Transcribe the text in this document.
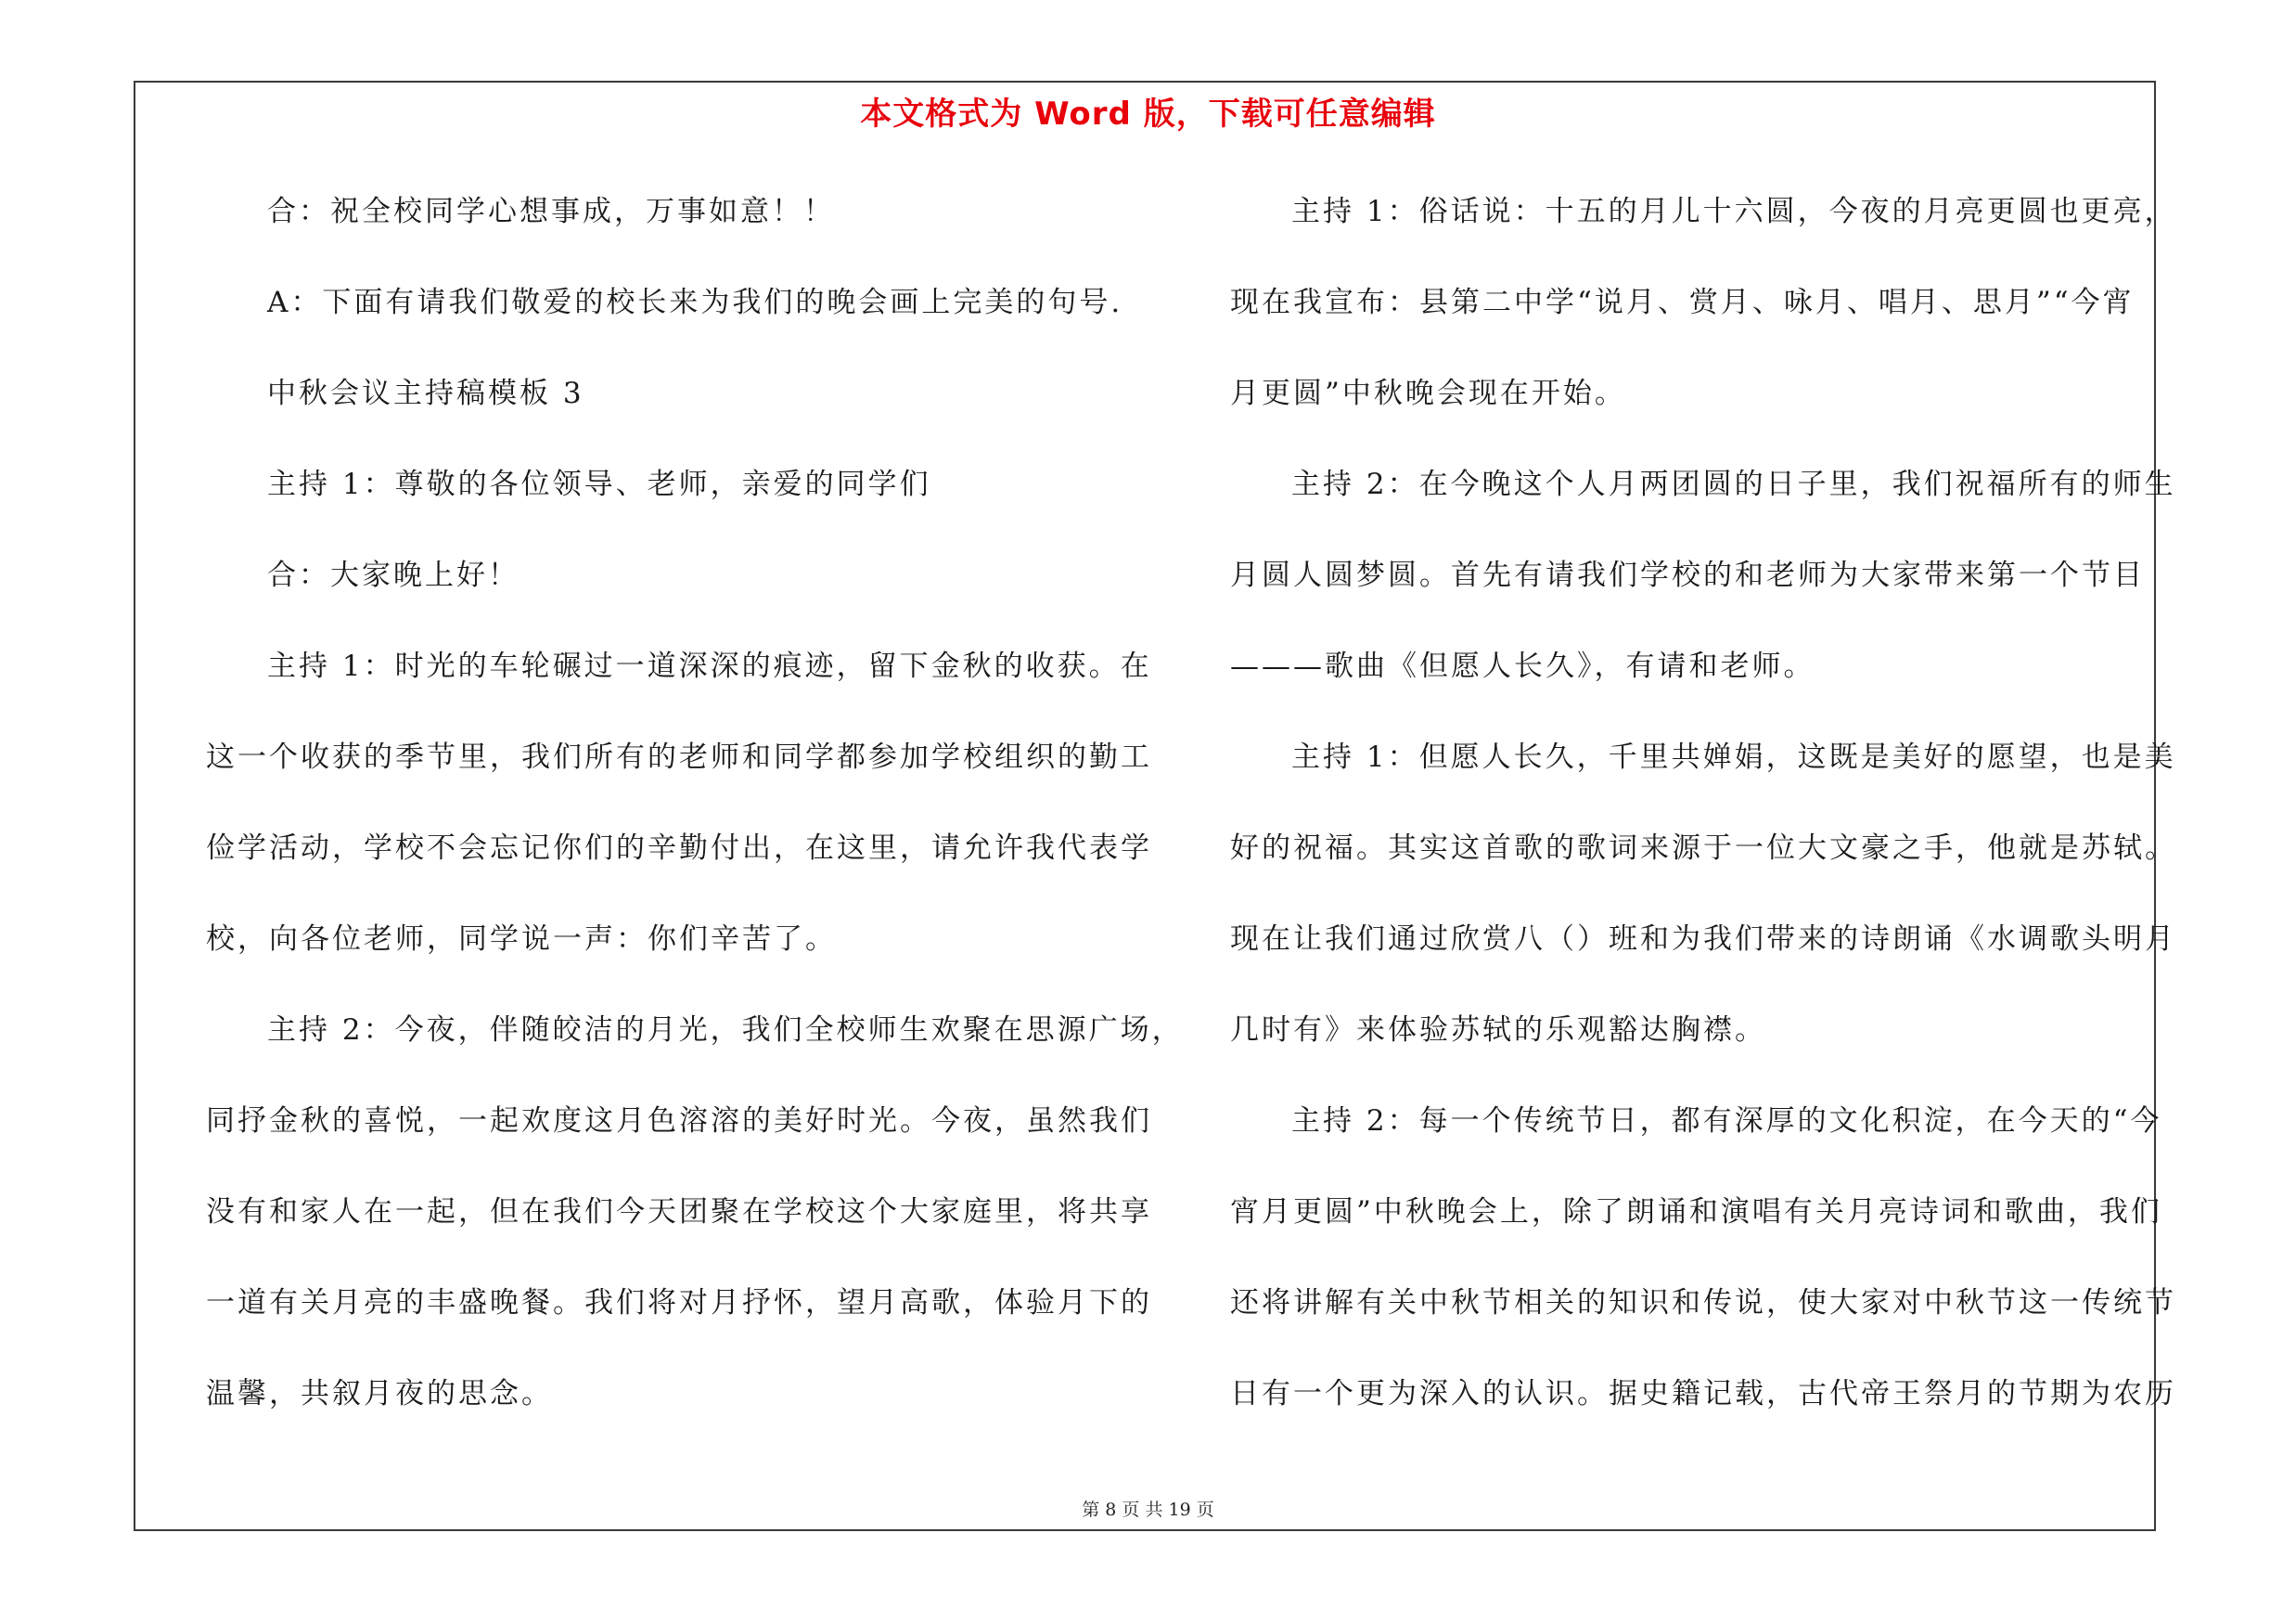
本文格式为 Word 版，下载可任意编辑
合：祝全校同学心想事成，万事如意！！
A：下面有请我们敬爱的校长来为我们的晚会画上完美的句号.
中秋会议主持稿模板 3
主持 1：尊敬的各位领导、老师，亲爱的同学们
合：大家晚上好！
主持 1：时光的车轮碾过一道深深的痕迹，留下金秋的收获。在
这一个收获的季节里，我们所有的老师和同学都参加学校组织的勤工
俭学活动，学校不会忘记你们的辛勤付出，在这里，请允许我代表学
校，向各位老师，同学说一声：你们辛苦了。
主持 2：今夜，伴随皎洁的月光，我们全校师生欢聚在思源广场，
同抒金秋的喜悦，一起欢度这月色溶溶的美好时光。今夜，虽然我们
没有和家人在一起，但在我们今天团聚在学校这个大家庭里，将共享
一道有关月亮的丰盛晚餐。我们将对月抒怀，望月高歌，体验月下的
温馨，共叙月夜的思念。
主持 1：俗话说：十五的月儿十六圆，今夜的月亮更圆也更亮，
现在我宣布：县第二中学“说月、赏月、咏月、唱月、思月”“今宵
月更圆”中秋晚会现在开始。
主持 2：在今晚这个人月两团圆的日子里，我们祝福所有的师生
月圆人圆梦圆。首先有请我们学校的和老师为大家带来第一个节目
———歌曲《但愿人长久》，有请和老师。
主持 1：但愿人长久，千里共婵娟，这既是美好的愿望，也是美
好的祝福。其实这首歌的歌词来源于一位大文豪之手，他就是苏轼。
现在让我们通过欣赏八（）班和为我们带来的诗朗诵《水调歌头明月
几时有》来体验苏轼的乐观豁达胸襟。
主持 2：每一个传统节日，都有深厚的文化积淀，在今天的“今
宵月更圆”中秋晚会上，除了朗诵和演唱有关月亮诗词和歌曲，我们
还将讲解有关中秋节相关的知识和传说，使大家对中秋节这一传统节
日有一个更为深入的认识。据史籍记载，古代帝王祭月的节期为农历
第 8 页 共 19 页
